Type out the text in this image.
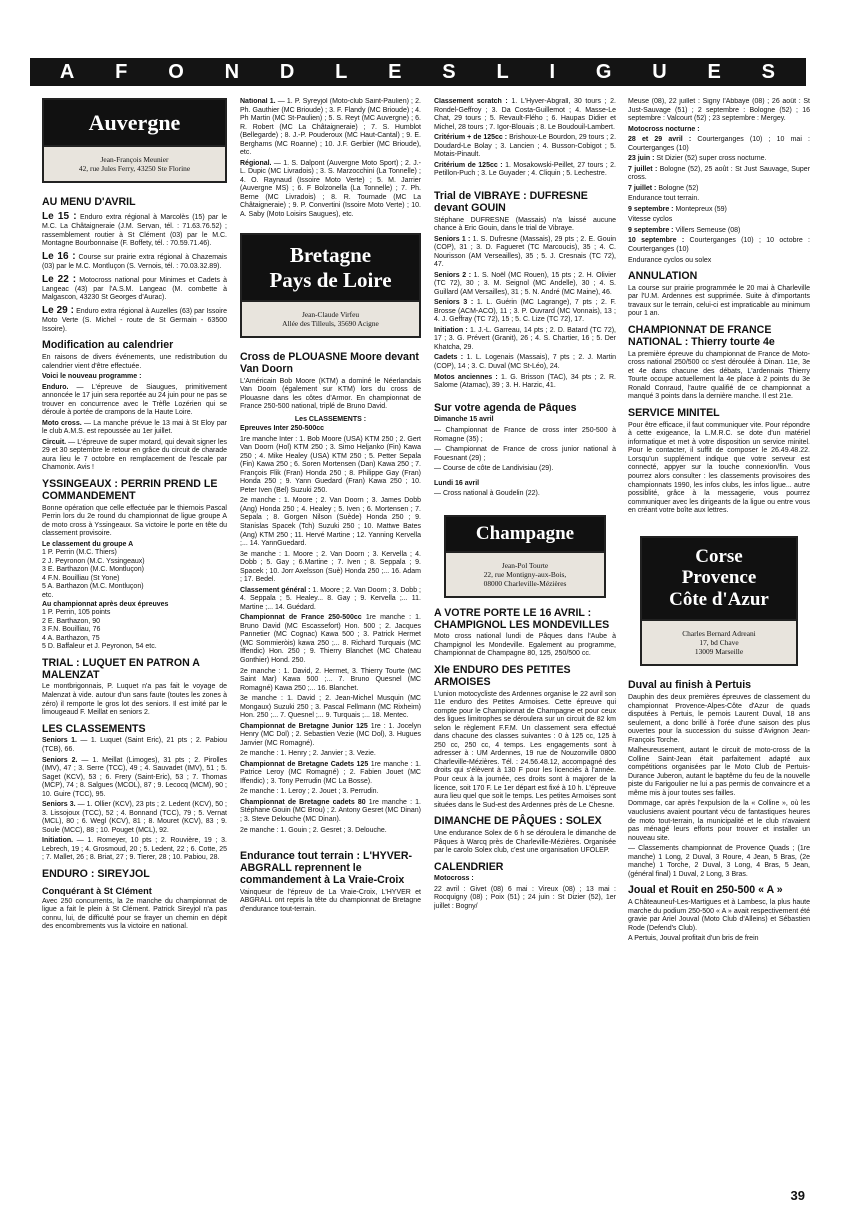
A F O N D L E S L I G U E S
Auvergne
Jean-François Meunier
42, rue Jules Ferry, 43250 Ste Florine
AU MENU D'AVRIL

Le 15 : Enduro extra régional à Marcolès (15) par le M.C. La Châtaigneraie (J.M. Servan, tél. : 71.63.76.52) ; rassemblement routier à St Clément (03) par le M.C. Montagne Bourbonnaise (F. Boffety, tél. : 70.59.71.46).

Le 16 : Course sur prairie extra régional à Chazemais (03) par le M.C. Montluçon (S. Vernois, tél. : 70.03.32.89).

Le 22 : Motocross national pour Minimes et Cadets à Langeac (43) par l'A.S.M. Langeac (M. combette à Malgascon, 43230 St Georges d'Aurac).

Le 29 : Enduro extra régional à Auzelles (63) par Issoire Moto Verte (S. Michel - route de St Germain - 63500 Issoire).

Modification au calendrier

En raisons de divers événements, une redistribution du calendrier vient d'être effectuée.

Voici le nouveau programme :

Enduro. — L'épreuve de Siaugues, primitivement annoncée le 17 juin sera reportée au 24 juin pour ne pas se trouver en concurrence avec le Trèfle Lozérien qui se déroule à portée de crampons de la Haute Loire.

Moto cross. — La manche prévue le 13 mai à St Eloy par le club A.M.S. est repoussée au 1er juillet.

Circuit. — L'épreuve de super motard, qui devait signer les 29 et 30 septembre le retour en grâce du circuit de charade aura lieu le 7 octobre en remplacement de l'escale par Chamonix. Avis !

YSSINGEAUX : PERRIN PREND LE COMMANDEMENT

Bonne opération que celle effectuée par le thiernois Pascal Perrin lors du 2e round du championnat de ligue groupe A de moto cross à Yssingeaux. Sa victoire le porte en tête du classement provisoire.

Le classement du groupe A
1 P. Perrin (M.C. Thiers)
2 J. Peyronon (M.C. Yssingeaux)
3 E. Barthazon (M.C. Montluçon)
4 F.N. Bouilliau (St Yone)
5 A. Barthazon (M.C. Montluçon)
etc.
Au championnat après deux épreuves
1 P. Perrin, 105 points
2 E. Barthazon, 90
3 F.N. Bouilliau, 76
4 A. Barthazon, 75
5 D. Baffaleur et J. Peyronon, 54 etc.
TRIAL : LUQUET EN PATRON A MALENZAT

Le montbrigonnais, P. Luquet n'a pas fait le voyage de Malenzat à vide. autour d'un sans faute (toutes les zones à zéro) il remporte le gros lot des seniors. Il est imité par le limougeaud F. Meillat en seniors 2.

LES CLASSEMENTS

Seniors 1. — 1. Luquet (Saint Eric), 21 pts ; 2. Pabiou (TCB), 66.

Seniors 2. — 1. Meillat (Limoges), 31 pts ; 2. Pirolles (IMV), 47 ; 3. Serre (TCC), 49 ; 4. Sauvadet (IMV), 51 ; 5. Saget (KCV), 53 ; 6. Frery (Saint-Eric), 53 ; 7. Thomas (MCP), 74 ; 8. Salgues (MCOL), 87 ; 9. Lecocq (MCM), 90 ; 10. Guire (TCC), 95.

Seniors 3. — 1. Ollier (KCV), 23 pts ; 2. Ledent (KCV), 50 ; 3. Lissojoux (TCC), 52 ; 4. Bonnand (TCC), 79 ; 5. Vernat (MCL), 80 ; 6. Wegl (KCV), 81 ; 8. Mouret (KCV), 83 ; 9. Soule (MCC), 88 ; 10. Pouget (MCL), 92.

Initiation. — 1. Romeyer, 10 pts ; 2. Rouvière, 19 ; 3. Lebrech, 19 ; 4. Grosmoud, 20 ; 5. Ledent, 22 ; 6. Cotte, 25 ; 7. Mallet, 26 ; 8. Briat, 27 ; 9. Tierer, 28 ; 10. Pabiou, 28.

ENDURO : SIREYJOL
Conquérant à St Clément

Avec 250 concurrents, la 2e manche du championnat de ligue a fait le plein à St Clément. Patrick Sireyjol n'a pas connu, lui, de difficulté pour se frayer un chemin en dépit des encombrements vus la victoire en national.

National 1. — 1. P. Syreyjol (Moto-club Saint-Paulien) ; 2. Ph. Gauthier (MC Brioude) ; 3. F. Flandy (MC Brioude) ; 4. Ph Martin (MC St-Paulien) ; 5. S. Reyt (MC Auvergne) ; 6. R. Robert (MC La Châtaigneraie) ; 7. S. Humblot (Bellegarde) ; 8. J.-P. Pouderoux (MC Haut-Cantal) ; 9. E. Berghams (MC Roanne) ; 10. J.F. Gerbier (MC Brioude), etc.

Régional. — 1. S. Dalpont (Auvergne Moto Sport) ; 2. J.-L. Dupic (MC Livradois) ; 3. S. Marzocchini (La Tonnelle) ; 4. O. Raynaud (Issoire Moto Verte) ; 5. M. Jarrier (Auvergne MS) ; 6. F Bolzonella (La Tonnelle) ; 7. Ph. Berne (MC Livradois) ; 8. R. Tournade (MC La Châtaigneraie) ; 9. P. Convertini (Issoire Moto Verte) ; 10. A. Saby (Moto Loisirs Saugues), etc.

Bretagne
Pays de Loire
Jean-Claude Virfeu
Allée des Tilleuls, 35690 Acigne
Cross de PLOUASNE Moore devant Van Doorn

L'Américain Bob Moore (KTM) a dominé le Néerlandais Van Doorn (également sur KTM) lors du cross de Plouasne dans les côtes d'Armor. En championnat de France 250-500 national, triplé de Bruno David.

Les CLASSEMENTS :

Epreuves Inter 250-500cc

1re manche Inter : 1. Bob Moore (USA) KTM 250 ; 2. Gert Van Doorn (Hol) KTM 250 ; 3. Simo Heljanko (Fin) Kawa 250 ; 4. Mike Healey (USA) KTM 250 ; 5. Petter Sepala (Fin) Kawa 250 ; 6. Soren Mortensen (Dan) Kawa 250 ; 7. François Flik (Fran) Honda 250 ; 8. Philippe Gay (Fran) Honda 250 ; 9. Yann Guedard (Fran) Kawa 250 ; 10. Peter Iven (Bel) Suzuki 250.

2e manche : 1. Moore ; 2. Van Doorn ; 3. James Dobb (Ang) Honda 250 ; 4. Healey ; 5. Iven ; 6. Mortensen ; 7. Sepala ; 8. Gorgen Nilson (Suède) Honda 250 ; 9. Stanislas Spacek (Tch) Suzuki 250 ; 10. Mattwe Bates (Ang) KTM 250 ; 11. Hervé Martine ; 12. Yanning Kervella ;... 14. YannGuedard.

3e manche : 1. Moore ; 2. Van Doorn ; 3. Kervella ; 4. Dobb ; 5. Gay ; 6.Martine ; 7. Iven ; 8. Seppala ; 9. Spacek ; 10. Jorr Axelsson (Suè) Honda 250 ;... 16. Adam ; 17. Bedel.

Classement général : 1. Moore ; 2. Van Doorn ; 3. Dobb ; 4. Seppala ; 5. Healey... 8. Gay ; 9. Kervella ;... 11. Martine ;... 14. Guédard.

Championnat de France 250-500cc 1re manche : 1. Bruno David (MC Escassefort) Hon. 500 ; 2. Jacques Pannetier (MC Cognac) Kawa 500 ; 3. Patrick Hermet (MC Sommieròis) kawa 250 ;... 8. Richard Turquais (MC Iffendic) Hon. 250 ; 9. Thierry Blanchet (MC Chateau Gonthier) Hond. 250.

2e manche : 1. David, 2. Hermet, 3. Thierry Tourte (MC Saint Mar) Kawa 500 ;... 7. Bruno Quesnel (MC Romagné) Kawa 250 ;... 16. Blanchet.

3e manche : 1. David ; 2. Jean-Michel Musquin (MC Mongaux) Suzuki 250 ; 3. Pascal Fellmann (MC Rixheim) Hon. 250 ;... 7. Quesnel ;... 9. Turquais ;... 18. Mentec.

Championnat de Bretagne Junior 125 1re : 1. Jocelyn Henry (MC Dol) ; 2. Sebastien Vezie (MC Dol), 3. Hugues Janvier (MC Romagné).

2e manche : 1. Henry ; 2. Janvier ; 3. Vezie.

Championnat de Bretagne Cadets 125 1re manche : 1. Patrice Leroy (MC Romagné) ; 2. Fabien Jouet (MC Iffendic) ; 3. Tony Perrudin (MC La Bosse).

2e manche : 1. Leroy ; 2. Jouet ; 3. Perrudin.

Championnat de Bretagne cadets 80 1re manche : 1. Stéphane Gouin (MC Brou) ; 2. Antony Gesret (MC Dinan) ; 3. Steve Delouche (MC Dinan).

2e manche : 1. Gouin ; 2. Gesret ; 3. Delouche.

Endurance tout terrain : L'HYVER-ABGRALL reprennent le commandement à La Vraie-Croix

Vainqueur de l'épreuv de La Vraie-Croix, L'HYVER et ABGRALL ont repris la tête du championnat de Bretagne d'endurance tout-terrain.

Classement scratch : 1. L'Hyver-Abgrall, 30 tours ; 2. Rondel-Geffroy ; 3. Da Costa-Guillemot ; 4. Masse-Le Chat, 29 tours ; 5. Revault-Flého ; 6. Haupas Didier et Michel, 28 tours ; 7. Igor-Blouais ; 8. Le Boudouil-Lambert.

Critérium + de 125cc : Brishoux-Le Bourdon, 29 tours ; 2. Doudard-Le Bolay ; 3. Lancien ; 4. Busson-Cobigot ; 5. Motais-Pinault.

Critérium de 125cc : 1. Mosakowski-Peillet, 27 tours ; 2. Petillon-Puch ; 3. Le Guyader ; 4. Cliquin ; 5. Lechestre.

Trial de VIBRAYE : DUFRESNE devant GOUIN

Stéphane DUFRESNE (Massais) n'a laissé aucune chance à Eric Gouin, dans le trial de Vibraye.

Seniors 1 : 1. S. Dufresne (Massais), 29 pts ; 2. E. Gouin (COP), 31 ; 3. D. Fagueret (TC Marcoucis), 35 ; 4. C. Nourisson (AM Verseailles), 35 ; 5. J. Cresnais (TC 72), 47.

Seniors 2 : 1. S. Noël (MC Rouen), 15 pts ; 2. H. Olivier (TC 72), 30 ; 3. M. Seignol (MC Andelle), 30 ; 4. S. Guillard (AM Versailles), 31 ; 5. N. André (MC Maine), 46.

Seniors 3 : 1. L. Guérin (MC Lagrange), 7 pts ; 2. F. Brosse (ACM-ACO), 11 ; 3. P. Ouvrard (MC Vonnais), 13 ; 4. J. Geffray (TC 72), 15 ; 5. C. Lize (TC 72), 17.

Initiation : 1. J.-L. Garreau, 14 pts ; 2. D. Batard (TC 72), 17 ; 3. G. Prévert (Granit), 26 ; 4. S. Chartier, 16 ; 5. Der Khatcha, 29.

Cadets : 1. L. Logenais (Massais), 7 pts ; 2. J. Martin (COP), 14 ; 3. C. Duval (MC St-Léo), 24.

Motos anciennes : 1. G. Brisson (TAC), 34 pts ; 2. R. Salome (Atamac), 39 ; 3. H. Harzic, 41.

Sur votre agenda de Pâques

Dimanche 15 avril

— Championnat de France de cross inter 250-500 à Romagne (35) ;

— Championnat de France de cross junior national à Fouesnant (29) ;

— Course de côte de Landivisiau (29).

Lundi 16 avril

— Cross national à Goudelin (22).

Champagne
Jean-Pol Tourte
22, rue Montigny-aux-Bois,
08000 Charleville-Mézières
A VOTRE PORTE LE 16 AVRIL : CHAMPIGNOL LES MONDEVILLES

Moto cross national lundi de Pâques dans l'Aube à Champignol les Mondeville. Egalement au programme, Championnat de Champagne 80, 125, 250/500 cc.

XIe ENDURO DES PETITES ARMOISES

L'union motocycliste des Ardennes organise le 22 avril son 11e enduro des Petites Armoises. Cette épreuve qui compte pour le Championnat de Champagne et pour ceux des ligues limitrophes se déroulera sur un circuit de 82 km selon le règlement F.F.M. Un classement sera effectué dans chacune des classes suivantes : 0 à 125 cc, 125 à 250 cc, 250 cc, 4 temps. Les engagements sont à adresser à : UM Ardennes, 19 rue de Nouzonville 0800 Charleville-Mézières. Tél. : 24.56.48.12, accompagné des droits qui s'élèvent à 130 F pour les licenciés à l'année. Pour ceux à la journée, ces droits sont à majorer de la licence, soit 170 F. Le 1er départ est fixé à 10 h. L'épreuve aura lieu quel que soit le temps. Les petites Armoises sont situées dans le Sud-est des Ardennes près de Le Chesne.

DIMANCHE DE PÂQUES : SOLEX

Une endurance Solex de 6 h se déroulera le dimanche de Pâques à Warcq près de Charleville-Mézières. Organisée par le carolo Solex club, c'est une organisation UFOLEP.

CALENDRIER

Motocross :

22 avril : Givet (08) 6 mai : Vireux (08) ; 13 mai : Rocquigny (08) ; Poix (51) ; 24 juin : St Dizier (52), 1er juillet : Bogny/

Meuse (08), 22 juillet : Signy l'Abbaye (08) ; 26 août : St Just-Sauvage (51) ; 2 septembre : Bologne (52) ; 16 septembre : Valcourt (52) ; 23 septembre : Mergey.

Motocross nocturne :

28 et 29 avril : Courterganges (10) ; 10 mai : Courterganges (10)

23 juin : St Dizier (52) super cross nocturne.

7 juillet : Bologne (52), 25 août : St Just Sauvage, Super cross.

7 juillet : Bologne (52)

Endurance tout terrain.

9 septembre : Montepreux (59)

Vitesse cyclos

9 septembre : Villers Semeuse (08)

10 septembre : Courterganges (10) ; 10 octobre : Courterganges (10)

Endurance cyclos ou solex

ANNULATION

La course sur prairie programmée le 20 mai à Charleville par l'U.M. Ardennes est supprimée. Suite à d'importants travaux sur le terrain, celui-ci est impraticable au minimum pour 1 an.

CHAMPIONNAT DE FRANCE NATIONAL : Thierry tourte 4e

La première épreuve du championnat de France de Moto-cross national 250/500 cc s'est déroulée à Dinan. 11e, 3e et 4e dans chacune des débats, L'ardennais Thierry Tourte occupe actuellement la 4e place à 2 points du 3e Ronald Conraud, l'autre qualifié de ce championnat a manqué 3 points dans la dernière manche. Il est 21e.

SERVICE MINITEL

Pour être efficace, il faut communiquer vite. Pour répondre à cette exigeance, la L.M.R.C. se dote d'un matériel informatique et met à votre disposition un service minitel. Pour le contacter, il suffit de composer le 26.49.48.22. Lorsqu'un supplément indique que votre serveur est connecté, appyer sur la touche connexion/fin. Vous pourrez alors consulter : les classements provisoires des championnats 1990, les infos clubs, les infos ligue... autre possiblité, grâce à la messagerie, vous pourrez communiquer avec les dirigeants de la ligue ou entre vous en créant votre boîte aux lettres.

Corse
Provence
Côte d'Azur
Charles Bernard Adreani
17, bd Chave
13009 Marseille
Duval au finish à Pertuis

Dauphin des deux premières épreuves de classement du championnat Provence-Alpes-Côte d'Azur de quads disputées à Pertuis, le pernois Laurent Duval, 18 ans seulement, a donc brillé à l'orée d'une saison des plus ouvertes pour la succession du suisse d'Avignon Jean-François Torche.

Malheureusement, autant le circuit de moto-cross de la Colline Saint-Jean était parfaitement adapté aux compétitions organisées par le Moto Club de Pertuis-Durance Juberon, autant le baptême du feu de la nouvelle piste du Farigoulier ne lui a pas permis de convaincre et a même mis à jour toutes ses failles.

Dommage, car après l'expulsion de la « Colline », où les vauclusiens avaient pourtant vécu de fantastiques heures de moto tout-terrain, la municipalité et le club n'avaient pas ménagé leurs efforts pour trouver et installer un nouveau site.

— Classements championnat de Provence Quads ; (1re manche) 1 Long, 2 Duval, 3 Roure, 4 Jean, 5 Bras, (2e manche) 1 Torche, 2 Duval, 3 Long, 4 Bras, 5 Jean, (général final) 1 Duval, 2 Long, 3 Bras.

Joual et Rouit en 250-500 « A »

A Châteauneuf-Les-Martigues et à Lambesc, la plus haute marche du podium 250-500 « A » avait respectivement été gravie par Ariel Jouval (Moto Club d'Alleins) et Sébastien Rode (Defend's Club).

A Pertuis, Jouval profitait d'un bris de frein

39
